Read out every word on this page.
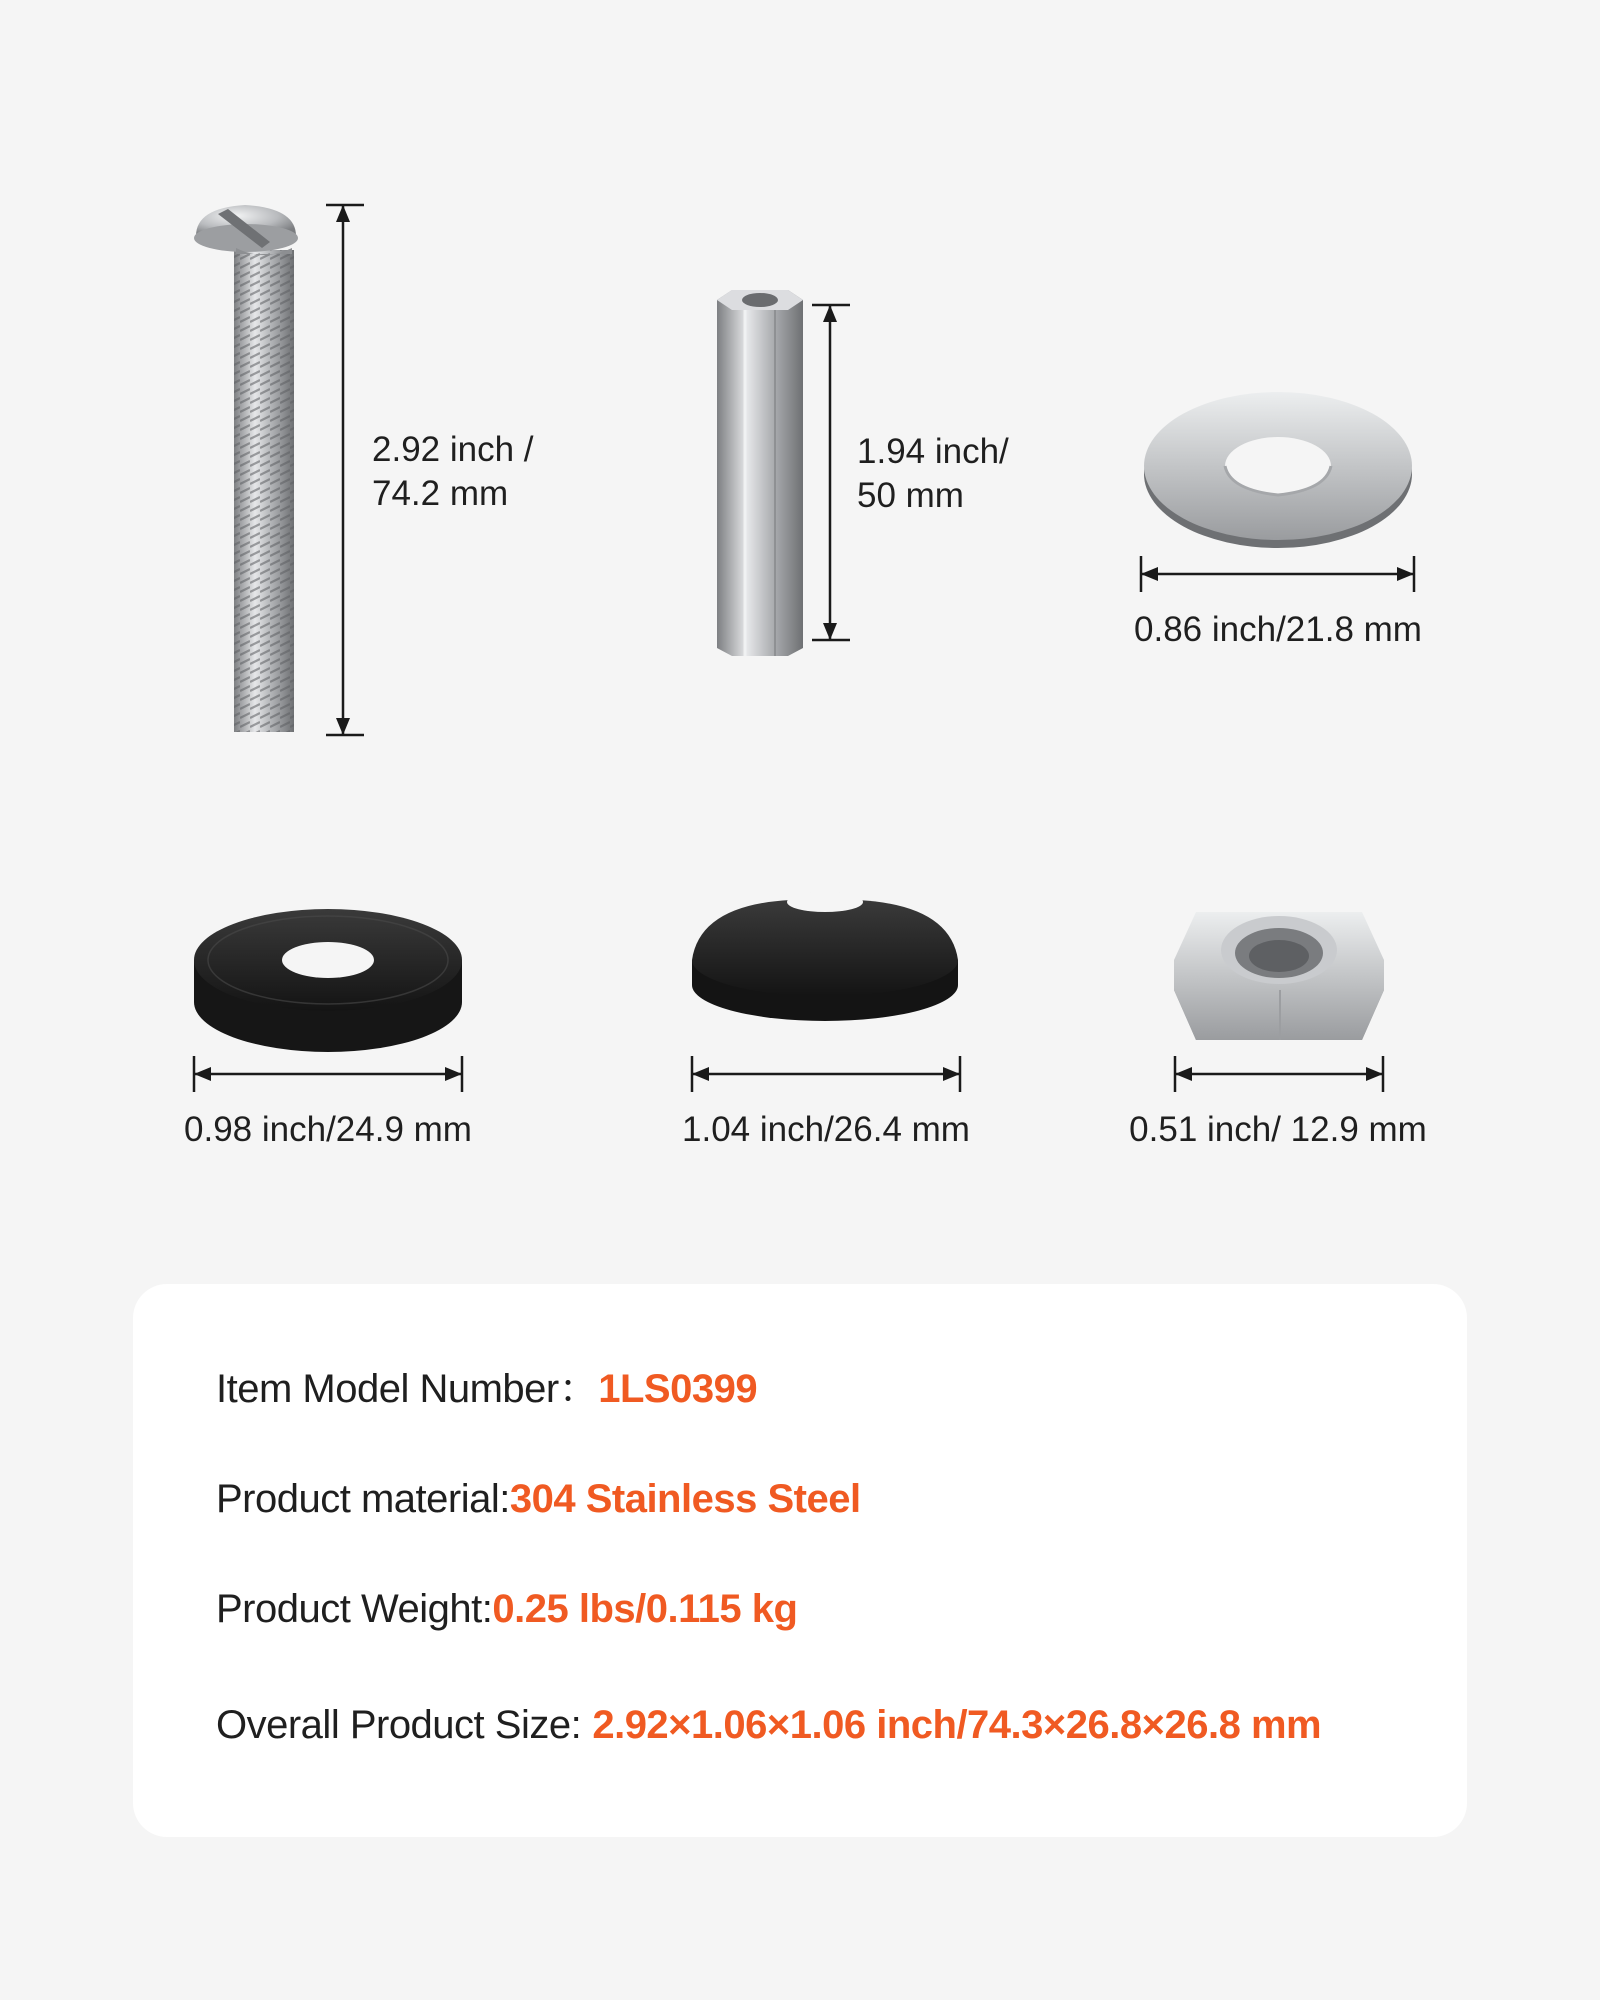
2.92 inch /
74.2 mm
1.94 inch/
50 mm
0.86 inch/21.8 mm
0.98 inch/24.9 mm	1.04 inch/26.4 mm	0.51 inch/ 12.9 mm
Item Model Number：1LS0399
Product material:304 Stainless Steel
Product Weight:0.25 lbs/0.115 kg
Overall Product Size: 2.92×1.06×1.06 inch/74.3×26.8×26.8 mm
